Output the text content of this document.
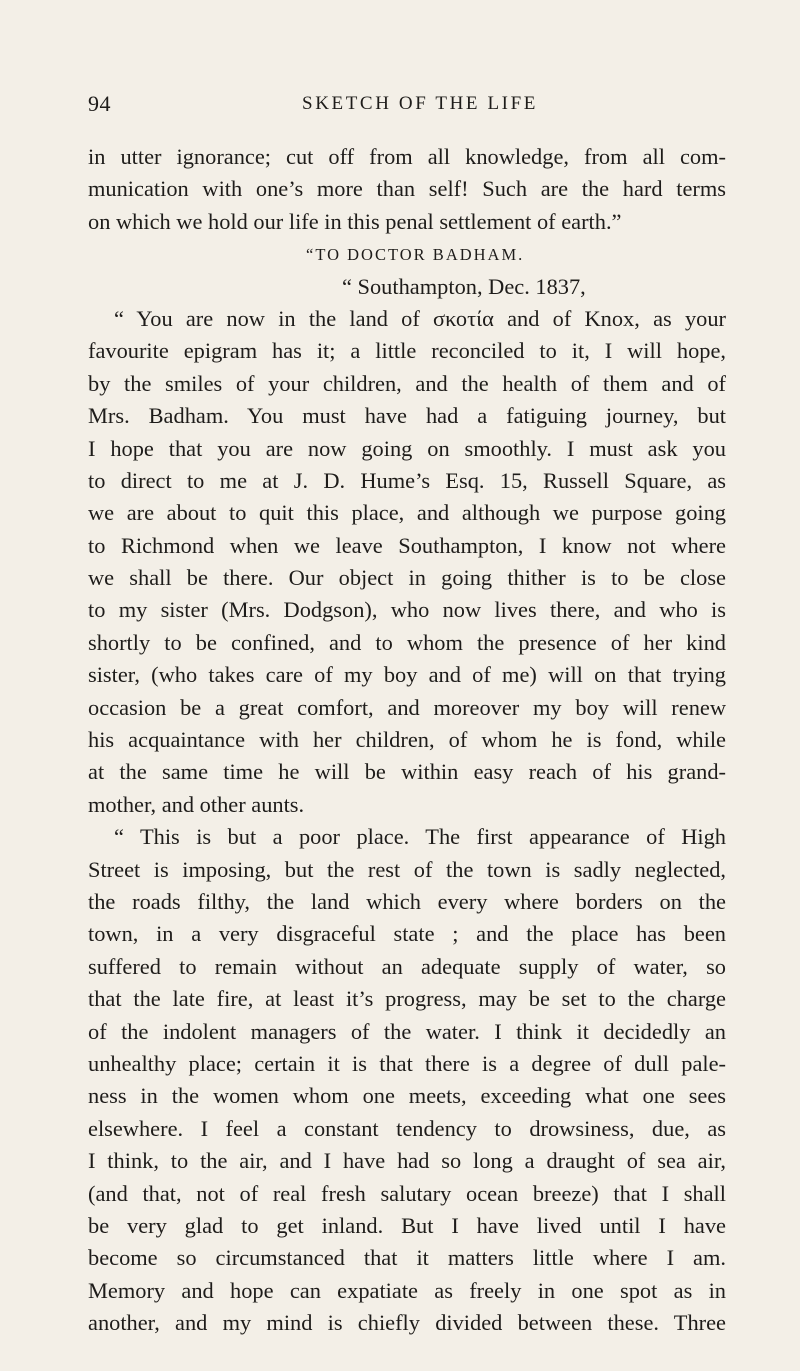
94	SKETCH OF THE LIFE
in utter ignorance; cut off from all knowledge, from all com-
munication with one’s more than self! Such are the hard terms
on which we hold our life in this penal settlement of earth.”
“TO DOCTOR BADHAM.
“ Southampton, Dec. 1837,
“ You are now in the land of σκοτία and of Knox, as your
favourite epigram has it; a little reconciled to it, I will hope,
by the smiles of your children, and the health of them and of
Mrs. Badham. You must have had a fatiguing journey, but
I hope that you are now going on smoothly. I must ask you
to direct to me at J. D. Hume’s Esq. 15, Russell Square, as
we are about to quit this place, and although we purpose going
to Richmond when we leave Southampton, I know not where
we shall be there. Our object in going thither is to be close
to my sister (Mrs. Dodgson), who now lives there, and who is
shortly to be confined, and to whom the presence of her kind
sister, (who takes care of my boy and of me) will on that trying
occasion be a great comfort, and moreover my boy will renew
his acquaintance with her children, of whom he is fond, while
at the same time he will be within easy reach of his grand-
mother, and other aunts.
“ This is but a poor place. The first appearance of High
Street is imposing, but the rest of the town is sadly neglected,
the roads filthy, the land which every where borders on the
town, in a very disgraceful state ; and the place has been
suffered to remain without an adequate supply of water, so
that the late fire, at least it’s progress, may be set to the charge
of the indolent managers of the water. I think it decidedly an
unhealthy place; certain it is that there is a degree of dull pale-
ness in the women whom one meets, exceeding what one sees
elsewhere. I feel a constant tendency to drowsiness, due, as
I think, to the air, and I have had so long a draught of sea air,
(and that, not of real fresh salutary ocean breeze) that I shall
be very glad to get inland. But I have lived until I have
become so circumstanced that it matters little where I am.
Memory and hope can expatiate as freely in one spot as in
another, and my mind is chiefly divided between these. Three
